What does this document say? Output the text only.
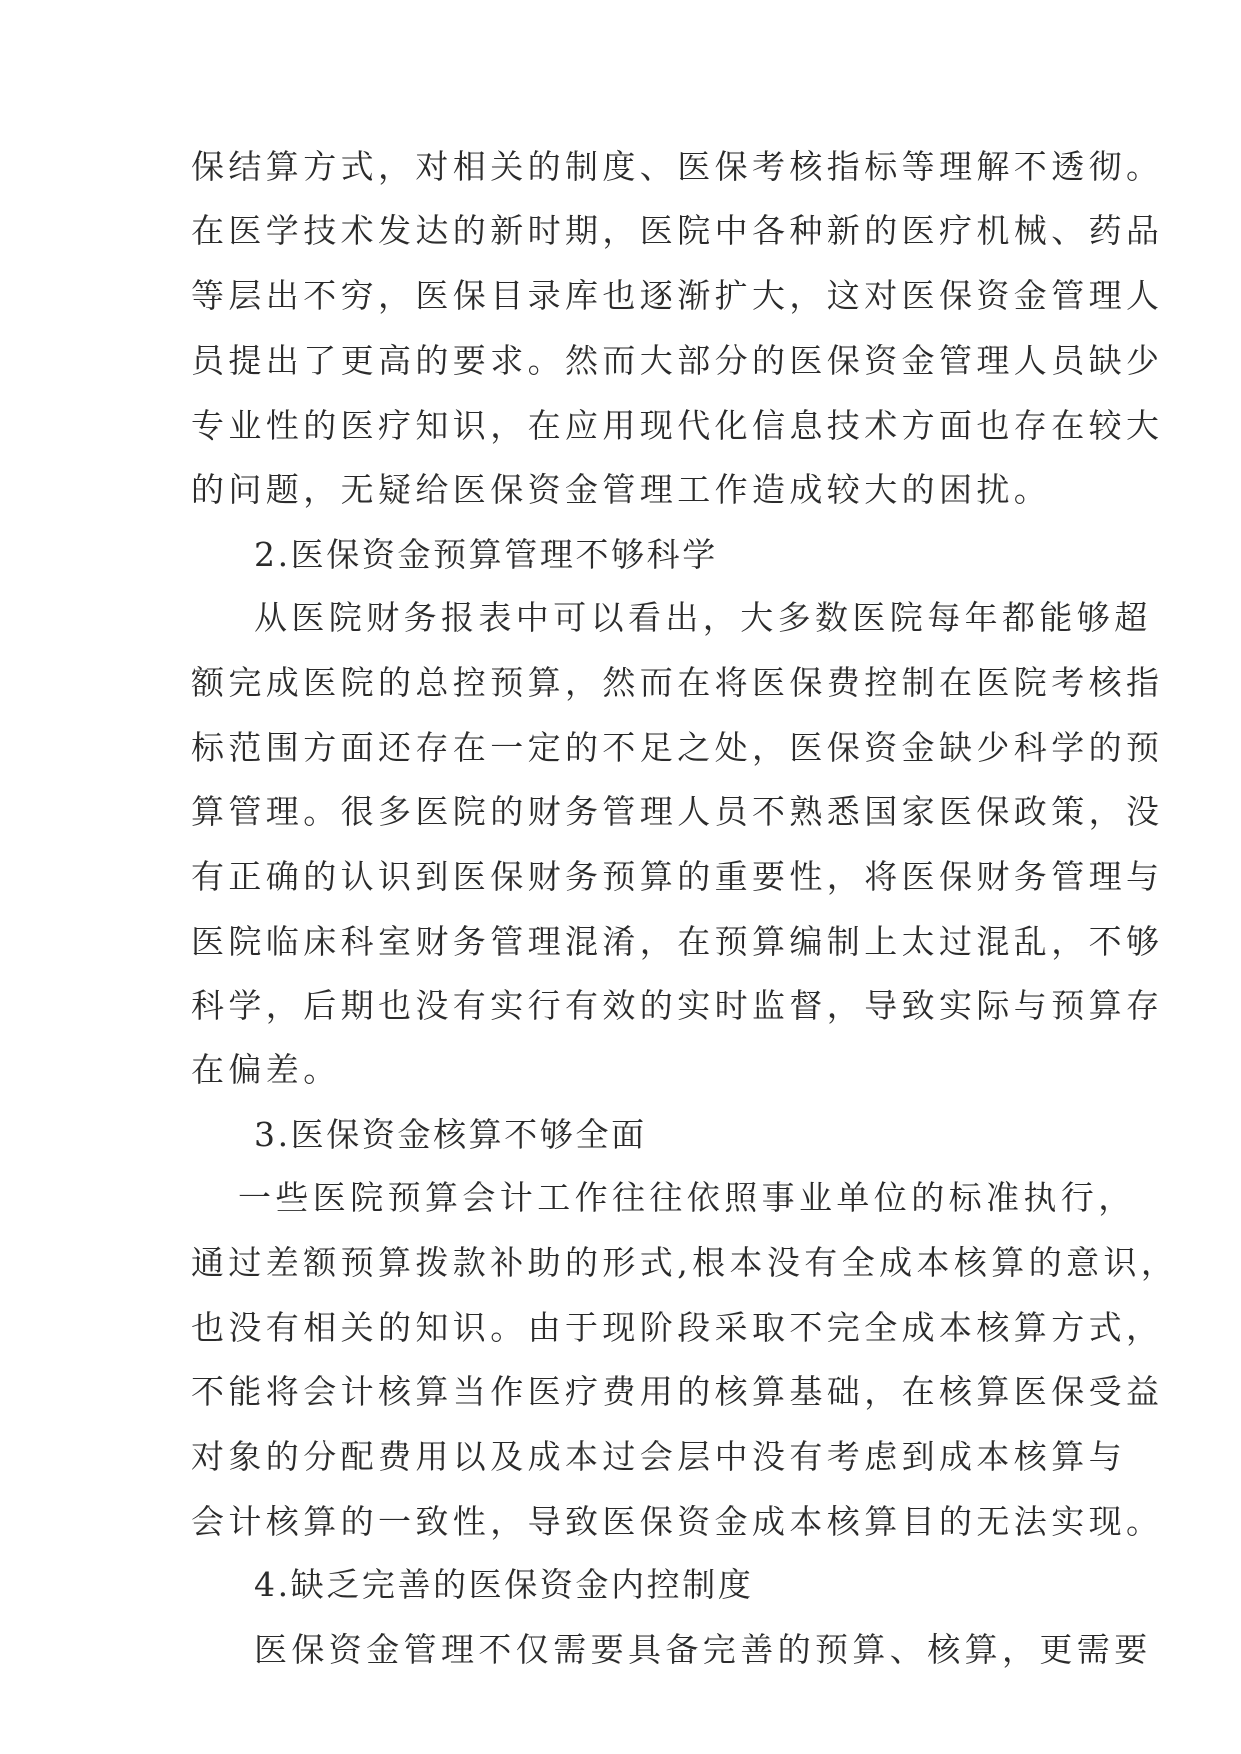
保结算方式，对相关的制度、医保考核指标等理解不透彻。
在医学技术发达的新时期，医院中各种新的医疗机械、药品
等层出不穷，医保目录库也逐渐扩大，这对医保资金管理人
员提出了更高的要求。然而大部分的医保资金管理人员缺少
专业性的医疗知识，在应用现代化信息技术方面也存在较大
的问题，无疑给医保资金管理工作造成较大的困扰。
2.医保资金预算管理不够科学
从医院财务报表中可以看出，大多数医院每年都能够超
额完成医院的总控预算，然而在将医保费控制在医院考核指
标范围方面还存在一定的不足之处，医保资金缺少科学的预
算管理。很多医院的财务管理人员不熟悉国家医保政策，没
有正确的认识到医保财务预算的重要性，将医保财务管理与
医院临床科室财务管理混淆，在预算编制上太过混乱，不够
科学，后期也没有实行有效的实时监督，导致实际与预算存
在偏差。
3.医保资金核算不够全面
一些医院预算会计工作往往依照事业单位的标准执行，
通过差额预算拨款补助的形式,根本没有全成本核算的意识，
也没有相关的知识。由于现阶段采取不完全成本核算方式，
不能将会计核算当作医疗费用的核算基础，在核算医保受益
对象的分配费用以及成本过会层中没有考虑到成本核算与
会计核算的一致性，导致医保资金成本核算目的无法实现。
4.缺乏完善的医保资金内控制度
医保资金管理不仅需要具备完善的预算、核算，更需要
